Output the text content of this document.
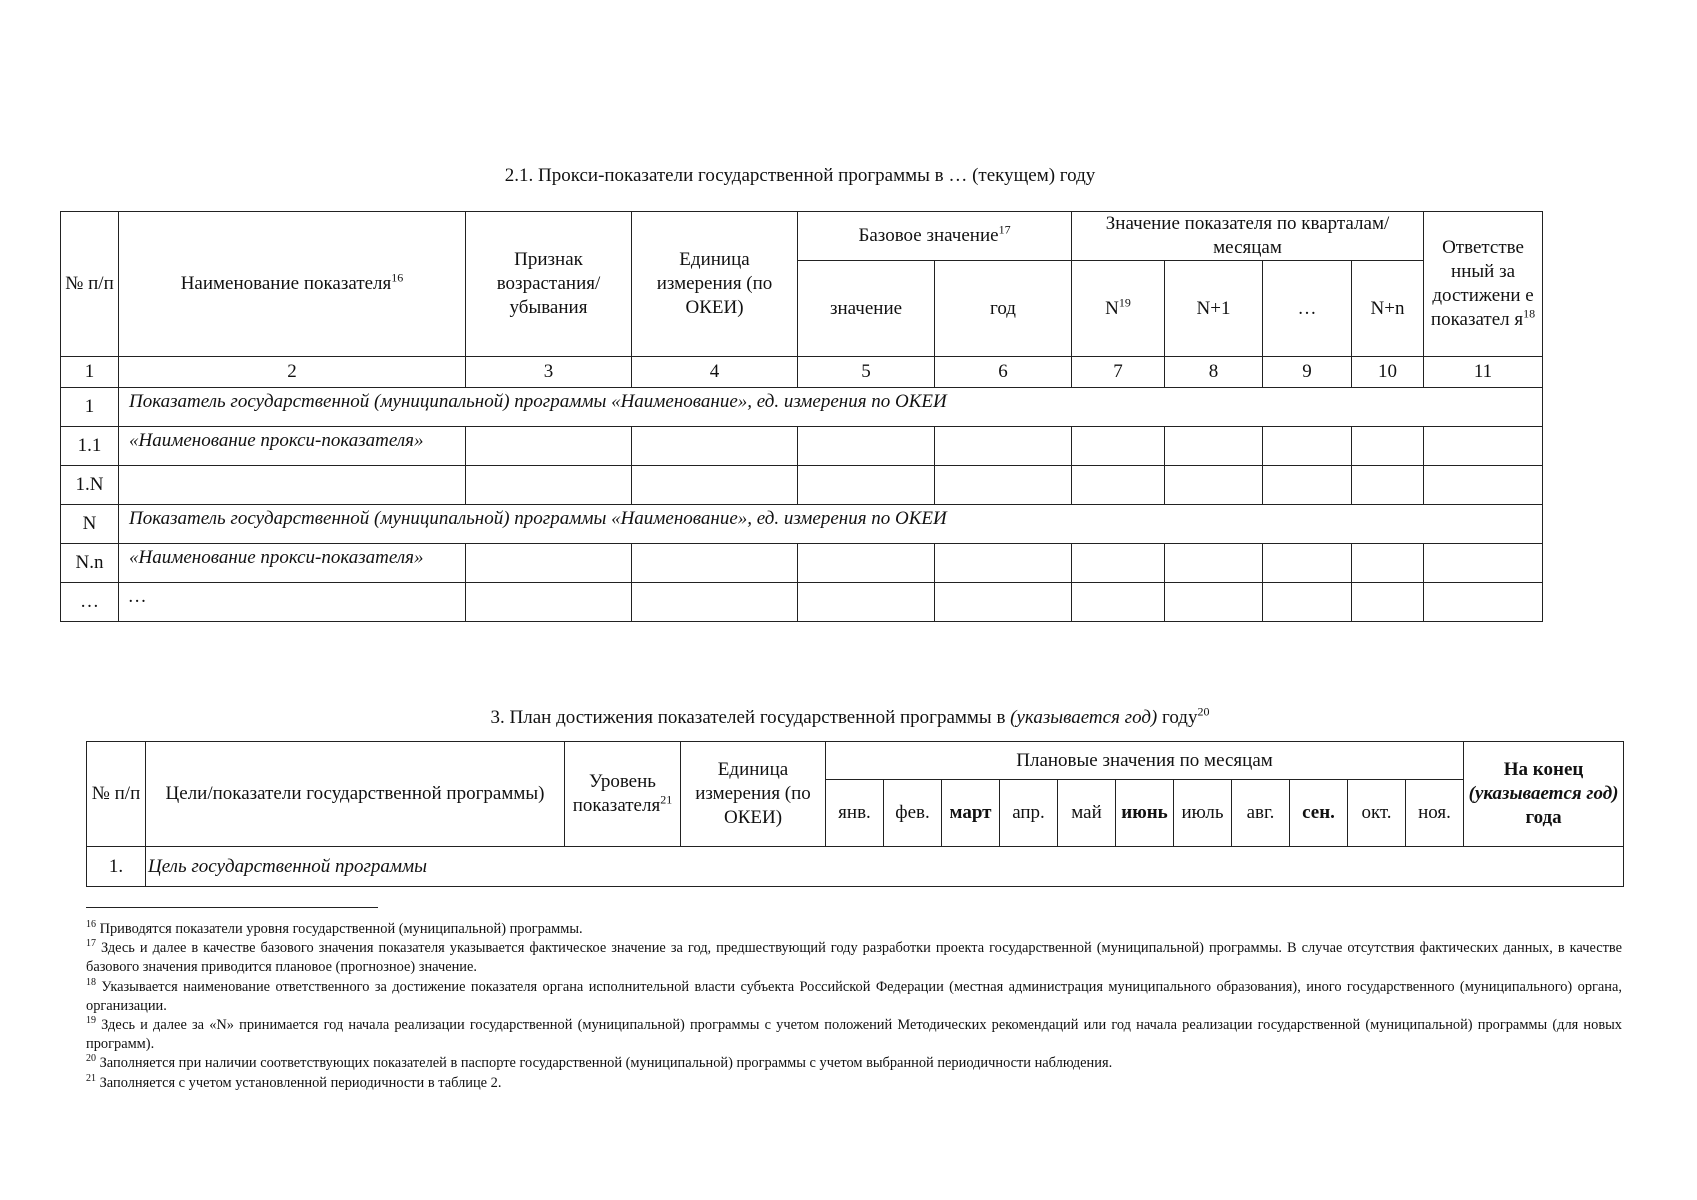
2.1. Прокси-показатели государственной программы в … (текущем) году
№ п/п	Наименование показателя$^{16}$	Признак возрастания/ убывания	Единица измерения (по ОКЕИ)	Базовое значение$^{17}$		Значение показателя по кварталам/месяцам				Ответстве нный за достижени е показател $я^{18}$
				значение	год	$N^{19}$	N+1	…	N+n	
1	2	3	4	5	6	7	8	9	10	11
1	Показатель государственной (муниципальной) программы «Наименование», ед. измерения по ОКЕИ									
1.1	«Наименование прокси-показателя»									
1.N										
N	Показатель государственной (муниципальной) программы «Наименование», ед. измерения по ОКЕИ									
N.n	«Наименование прокси-показателя»									
…	…									
3. План достижения показателей государственной программы в (указывается год) году$^{20}$
№ п/п	Цели/показатели государственной программы)	Уровень показателя$^{21}$	Единица измерения (по ОКЕИ)	Плановые значения по месяцам											На конец (указывается год) года
				янв.	фев.	март	апр.	май	июнь	июль	авг.	сен.	окт.	ноя.	
1.	Цель государственной программы														

$^{16}$ Приводятся показатели уровня государственной (муниципальной) программы.

$^{17}$ Здесь и далее в качестве базового значения показателя указывается фактическое значение за год, предшествующий году разработки проекта государственной (муниципальной) программы. В случае отсутствия фактических данных, в качестве базового значения приводится плановое (прогнозное) значение.

$^{18}$ Указывается наименование ответственного за достижение показателя органа исполнительной власти субъекта Российской Федерации (местная администрация муниципального образования), иного государственного (муниципального) органа, организации.

$^{19}$ Здесь и далее за «N» принимается год начала реализации государственной (муниципальной) программы с учетом положений Методических рекомендаций или год начала реализации государственной (муниципальной) программы (для новых программ).

$^{20}$ Заполняется при наличии соответствующих показателей в паспорте государственной (муниципальной) программы с учетом выбранной периодичности наблюдения.

$^{21}$ Заполняется с учетом установленной периодичности в таблице 2.
